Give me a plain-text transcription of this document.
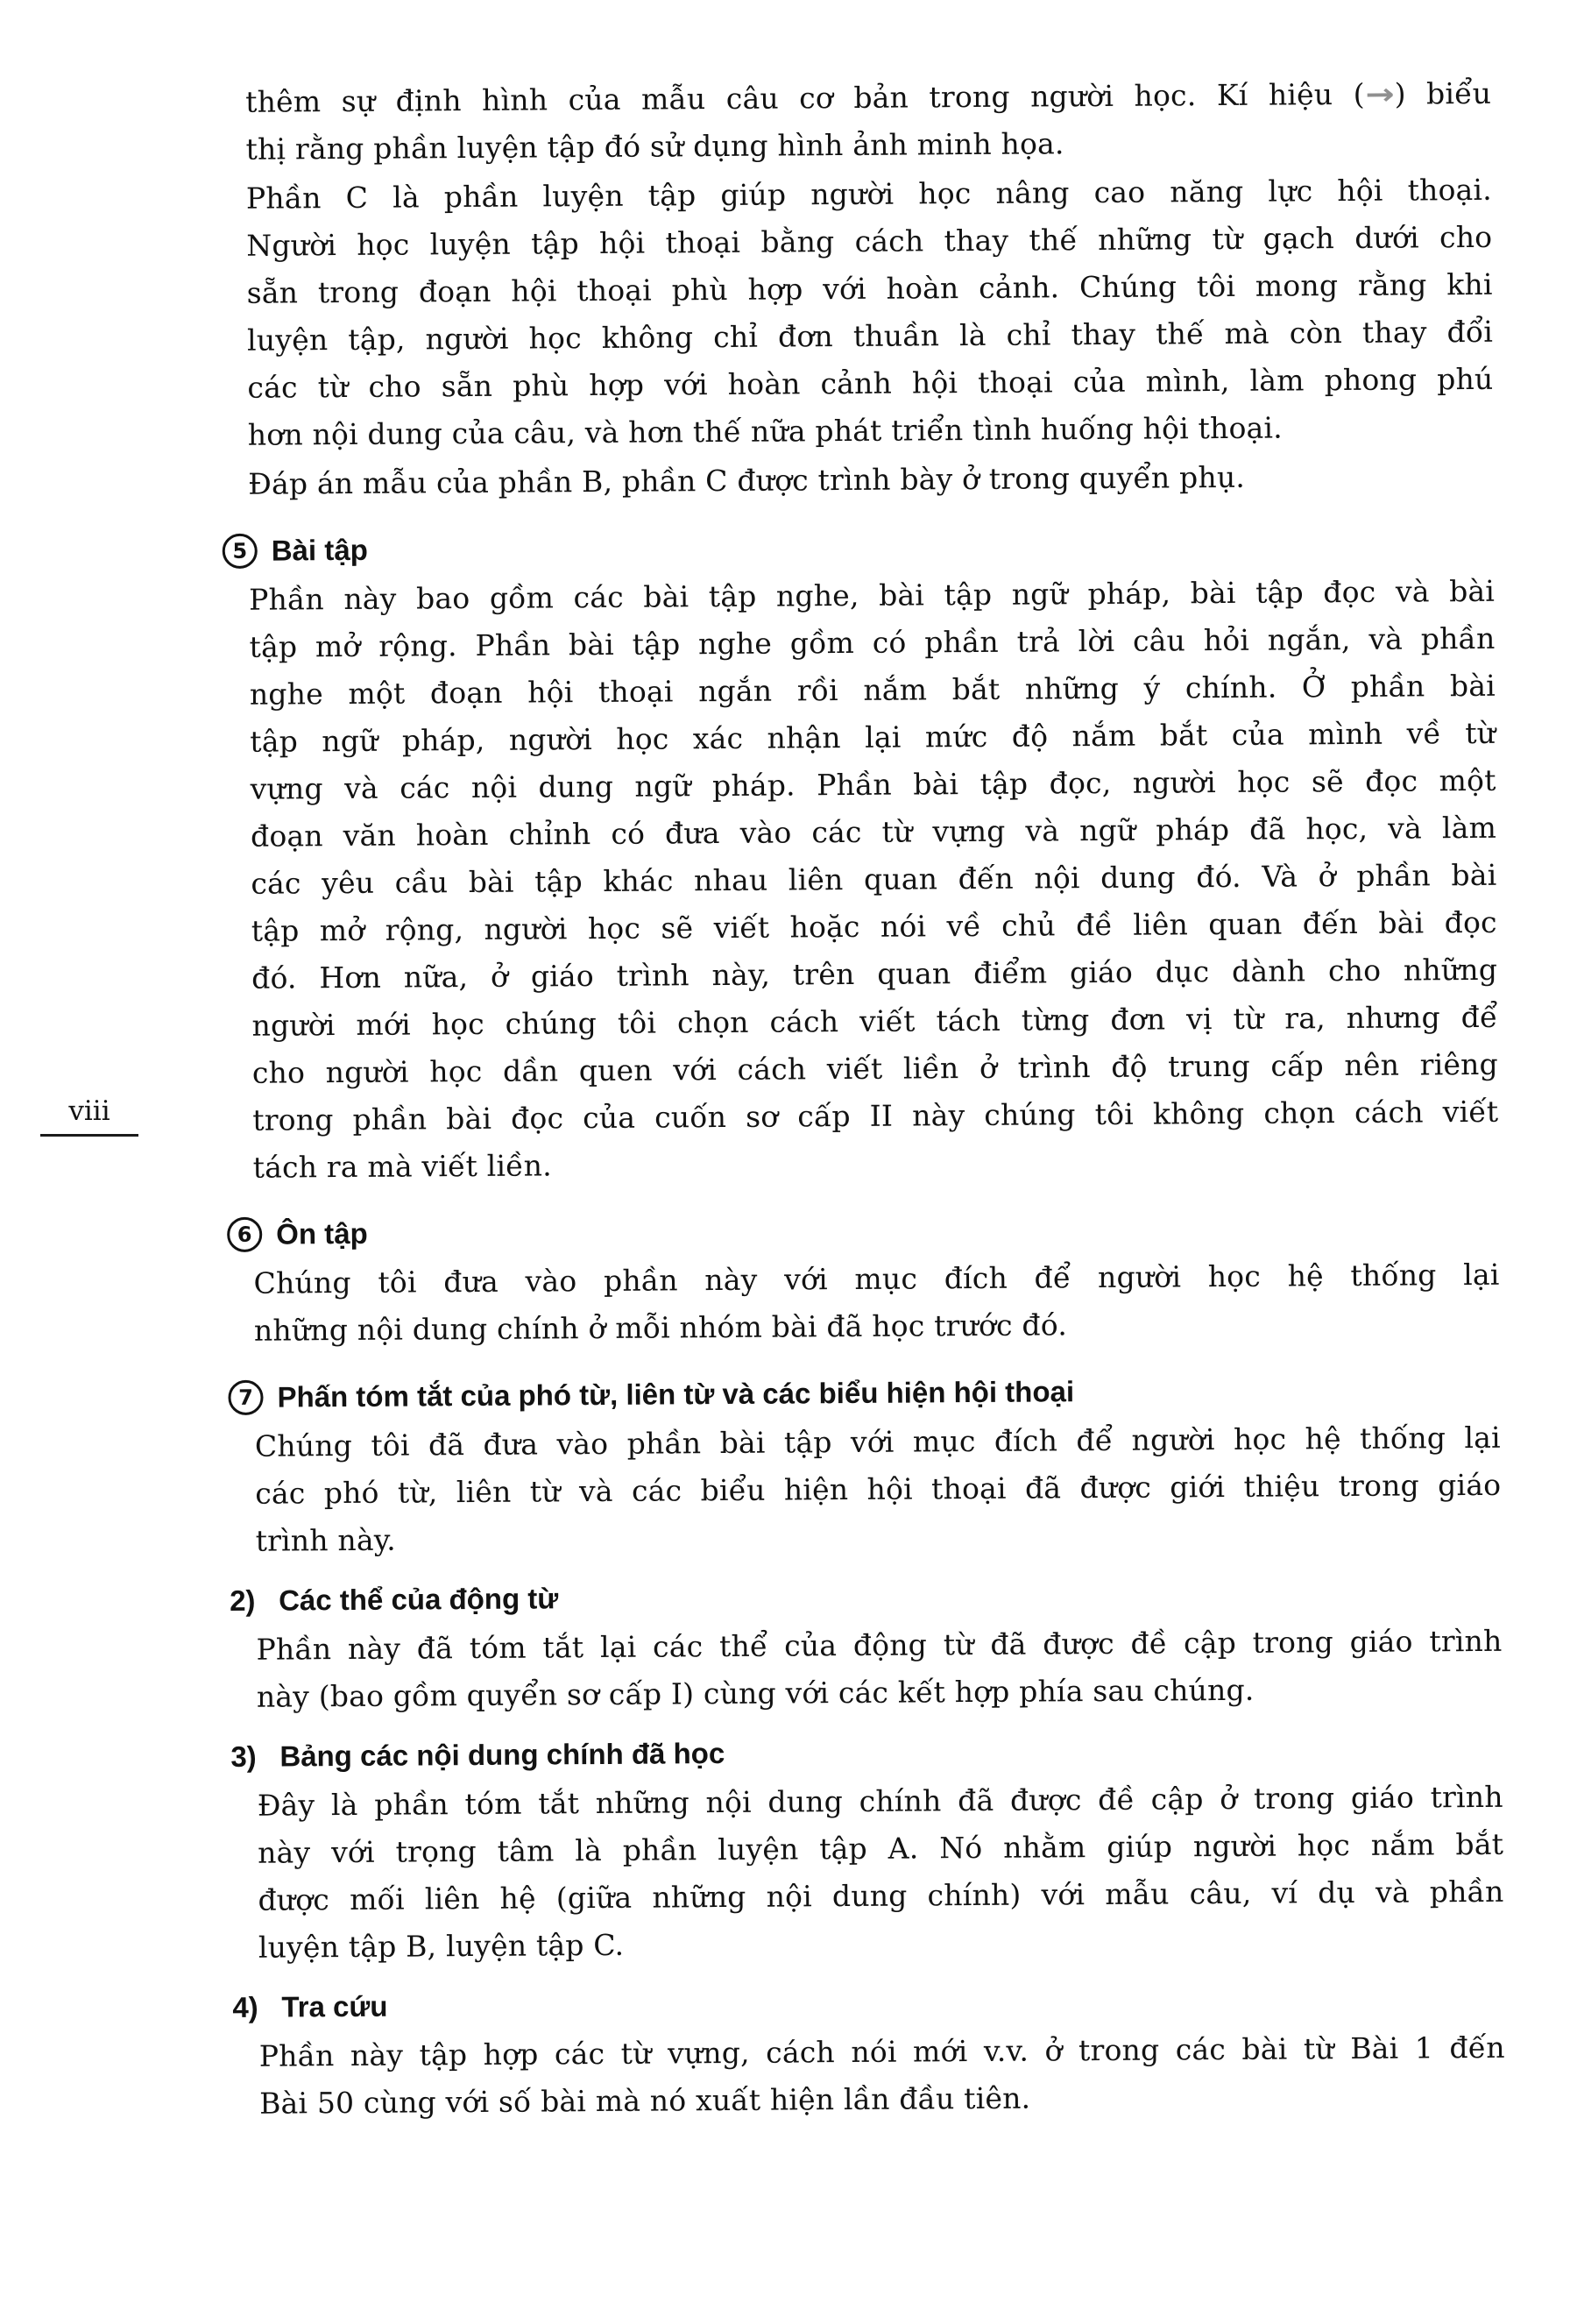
viii
thêm sự định hình của mẫu câu cơ bản trong người học. Kí hiệu (→) biểu
thị rằng phần luyện tập đó sử dụng hình ảnh minh họa.
Phần C là phần luyện tập giúp người học nâng cao năng lực hội thoại.
Người học luyện tập hội thoại bằng cách thay thế những từ gạch dưới cho
sẵn trong đoạn hội thoại phù hợp với hoàn cảnh. Chúng tôi mong rằng khi
luyện tập, người học không chỉ đơn thuần là chỉ thay thế mà còn thay đổi
các từ cho sẵn phù hợp với hoàn cảnh hội thoại của mình, làm phong phú
hơn nội dung của câu, và hơn thế nữa phát triển tình huống hội thoại.
Đáp án mẫu của phần B, phần C được trình bày ở trong quyển phụ.
5 Bài tập
Phần này bao gồm các bài tập nghe, bài tập ngữ pháp, bài tập đọc và bài
tập mở rộng. Phần bài tập nghe gồm có phần trả lời câu hỏi ngắn, và phần
nghe một đoạn hội thoại ngắn rồi nắm bắt những ý chính. Ở phần bài
tập ngữ pháp, người học xác nhận lại mức độ nắm bắt của mình về từ
vựng và các nội dung ngữ pháp. Phần bài tập đọc, người học sẽ đọc một
đoạn văn hoàn chỉnh có đưa vào các từ vựng và ngữ pháp đã học, và làm
các yêu cầu bài tập khác nhau liên quan đến nội dung đó. Và ở phần bài
tập mở rộng, người học sẽ viết hoặc nói về chủ đề liên quan đến bài đọc
đó. Hơn nữa, ở giáo trình này, trên quan điểm giáo dục dành cho những
người mới học chúng tôi chọn cách viết tách từng đơn vị từ ra, nhưng để
cho người học dần quen với cách viết liền ở trình độ trung cấp nên riêng
trong phần bài đọc của cuốn sơ cấp II này chúng tôi không chọn cách viết
tách ra mà viết liền.
6 Ôn tập
Chúng tôi đưa vào phần này với mục đích để người học hệ thống lại
những nội dung chính ở mỗi nhóm bài đã học trước đó.
7 Phấn tóm tắt của phó từ, liên từ và các biểu hiện hội thoại
Chúng tôi đã đưa vào phần bài tập với mục đích để người học hệ thống lại
các phó từ, liên từ và các biểu hiện hội thoại đã được giới thiệu trong giáo
trình này.
2) Các thể của động từ
Phần này đã tóm tắt lại các thể của động từ đã được đề cập trong giáo trình
này (bao gồm quyển sơ cấp I) cùng với các kết hợp phía sau chúng.
3) Bảng các nội dung chính đã học
Đây là phần tóm tắt những nội dung chính đã được đề cập ở trong giáo trình
này với trọng tâm là phần luyện tập A. Nó nhằm giúp người học nắm bắt
được mối liên hệ (giữa những nội dung chính) với mẫu câu, ví dụ và phần
luyện tập B, luyện tập C.
4) Tra cứu
Phần này tập hợp các từ vựng, cách nói mới v.v. ở trong các bài từ Bài 1 đến
Bài 50 cùng với số bài mà nó xuất hiện lần đầu tiên.
